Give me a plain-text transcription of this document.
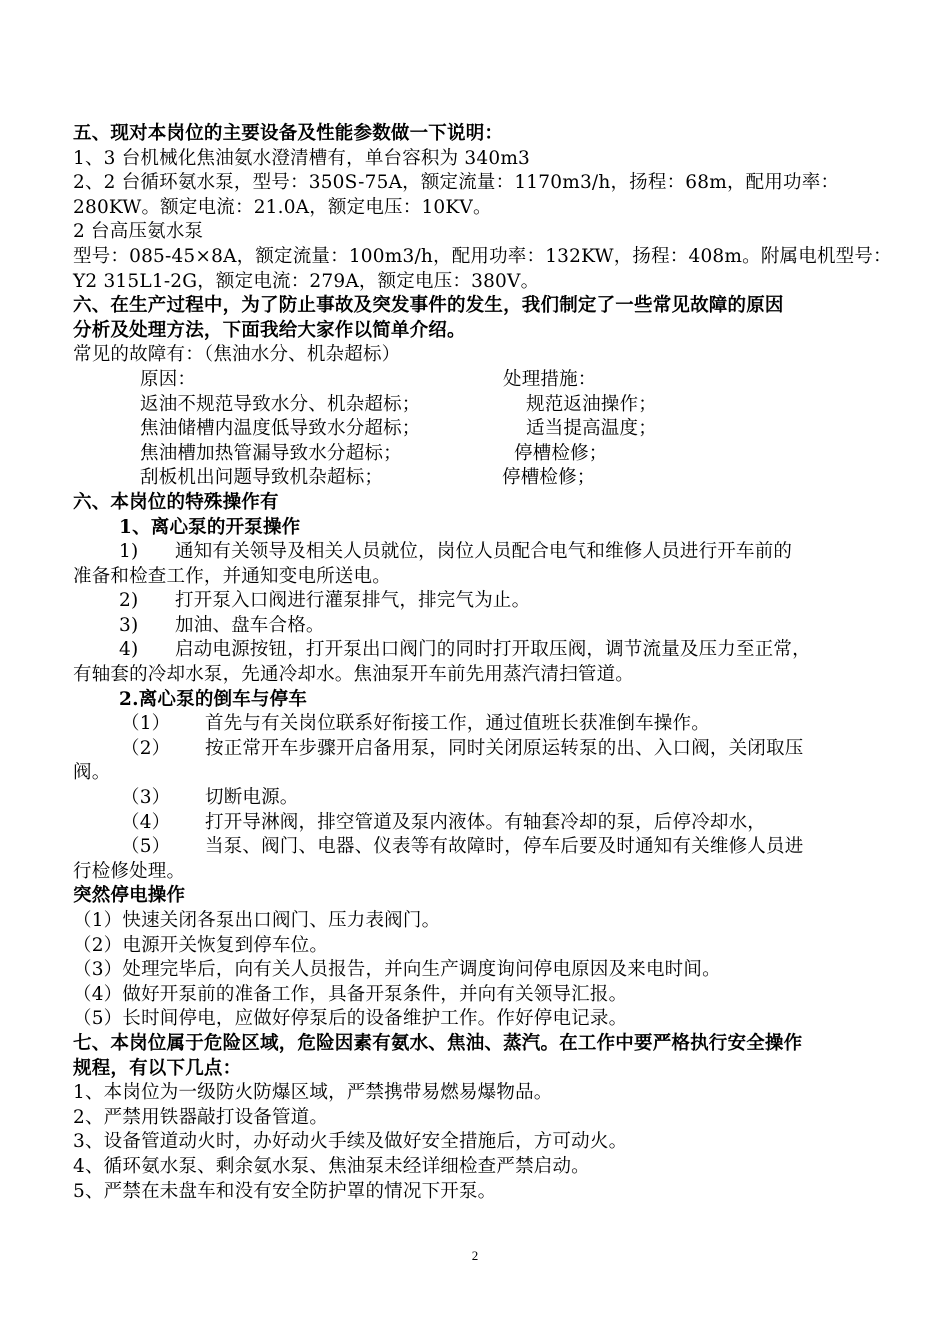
五、现对本岗位的主要设备及性能参数做一下说明：
1、3 台机械化焦油氨水澄清槽有，单台容积为 340m3
2、2 台循环氨水泵，型号：350S-75A，额定流量：1170m3/h，扬程：68m，配用功率：
280KW。额定电流：21.0A，额定电压：10KV。
2 台高压氨水泵
型号：085-45×8A，额定流量：100m3/h，配用功率：132KW，扬程：408m。附属电机型号：
Y2 315L1-2G，额定电流：279A，额定电压：380V。
六、在生产过程中，为了防止事故及突发事件的发生，我们制定了一些常见故障的原因
分析及处理方法，下面我给大家作以简单介绍。
常见的故障有：（焦油水分、机杂超标）
原因：	处理措施：
返油不规范导致水分、机杂超标；	规范返油操作；
焦油储槽内温度低导致水分超标；	适当提高温度；
焦油槽加热管漏导致水分超标；	停槽检修；
刮板机出问题导致机杂超标；	停槽检修；
六、本岗位的特殊操作有
1、离心泵的开泵操作
1) 通知有关领导及相关人员就位，岗位人员配合电气和维修人员进行开车前的
准备和检查工作，并通知变电所送电。
2) 打开泵入口阀进行灌泵排气，排完气为止。
3) 加油、盘车合格。
4) 启动电源按钮，打开泵出口阀门的同时打开取压阀，调节流量及压力至正常，
有轴套的冷却水泵，先通冷却水。焦油泵开车前先用蒸汽清扫管道。
2.离心泵的倒车与停车
（1） 首先与有关岗位联系好衔接工作，通过值班长获准倒车操作。
（2） 按正常开车步骤开启备用泵，同时关闭原运转泵的出、入口阀，关闭取压
阀。
（3） 切断电源。
（4） 打开导淋阀，排空管道及泵内液体。有轴套冷却的泵，后停冷却水，
（5） 当泵、阀门、电器、仪表等有故障时，停车后要及时通知有关维修人员进
行检修处理。
突然停电操作
（1）快速关闭各泵出口阀门、压力表阀门。
（2）电源开关恢复到停车位。
（3）处理完毕后，向有关人员报告，并向生产调度询问停电原因及来电时间。
（4）做好开泵前的准备工作，具备开泵条件，并向有关领导汇报。
（5）长时间停电，应做好停泵后的设备维护工作。作好停电记录。
七、本岗位属于危险区域，危险因素有氨水、焦油、蒸汽。在工作中要严格执行安全操作
规程，有以下几点：
1、本岗位为一级防火防爆区域，严禁携带易燃易爆物品。
2、严禁用铁器敲打设备管道。
3、设备管道动火时，办好动火手续及做好安全措施后，方可动火。
4、循环氨水泵、剩余氨水泵、焦油泵未经详细检查严禁启动。
5、严禁在未盘车和没有安全防护罩的情况下开泵。
2
